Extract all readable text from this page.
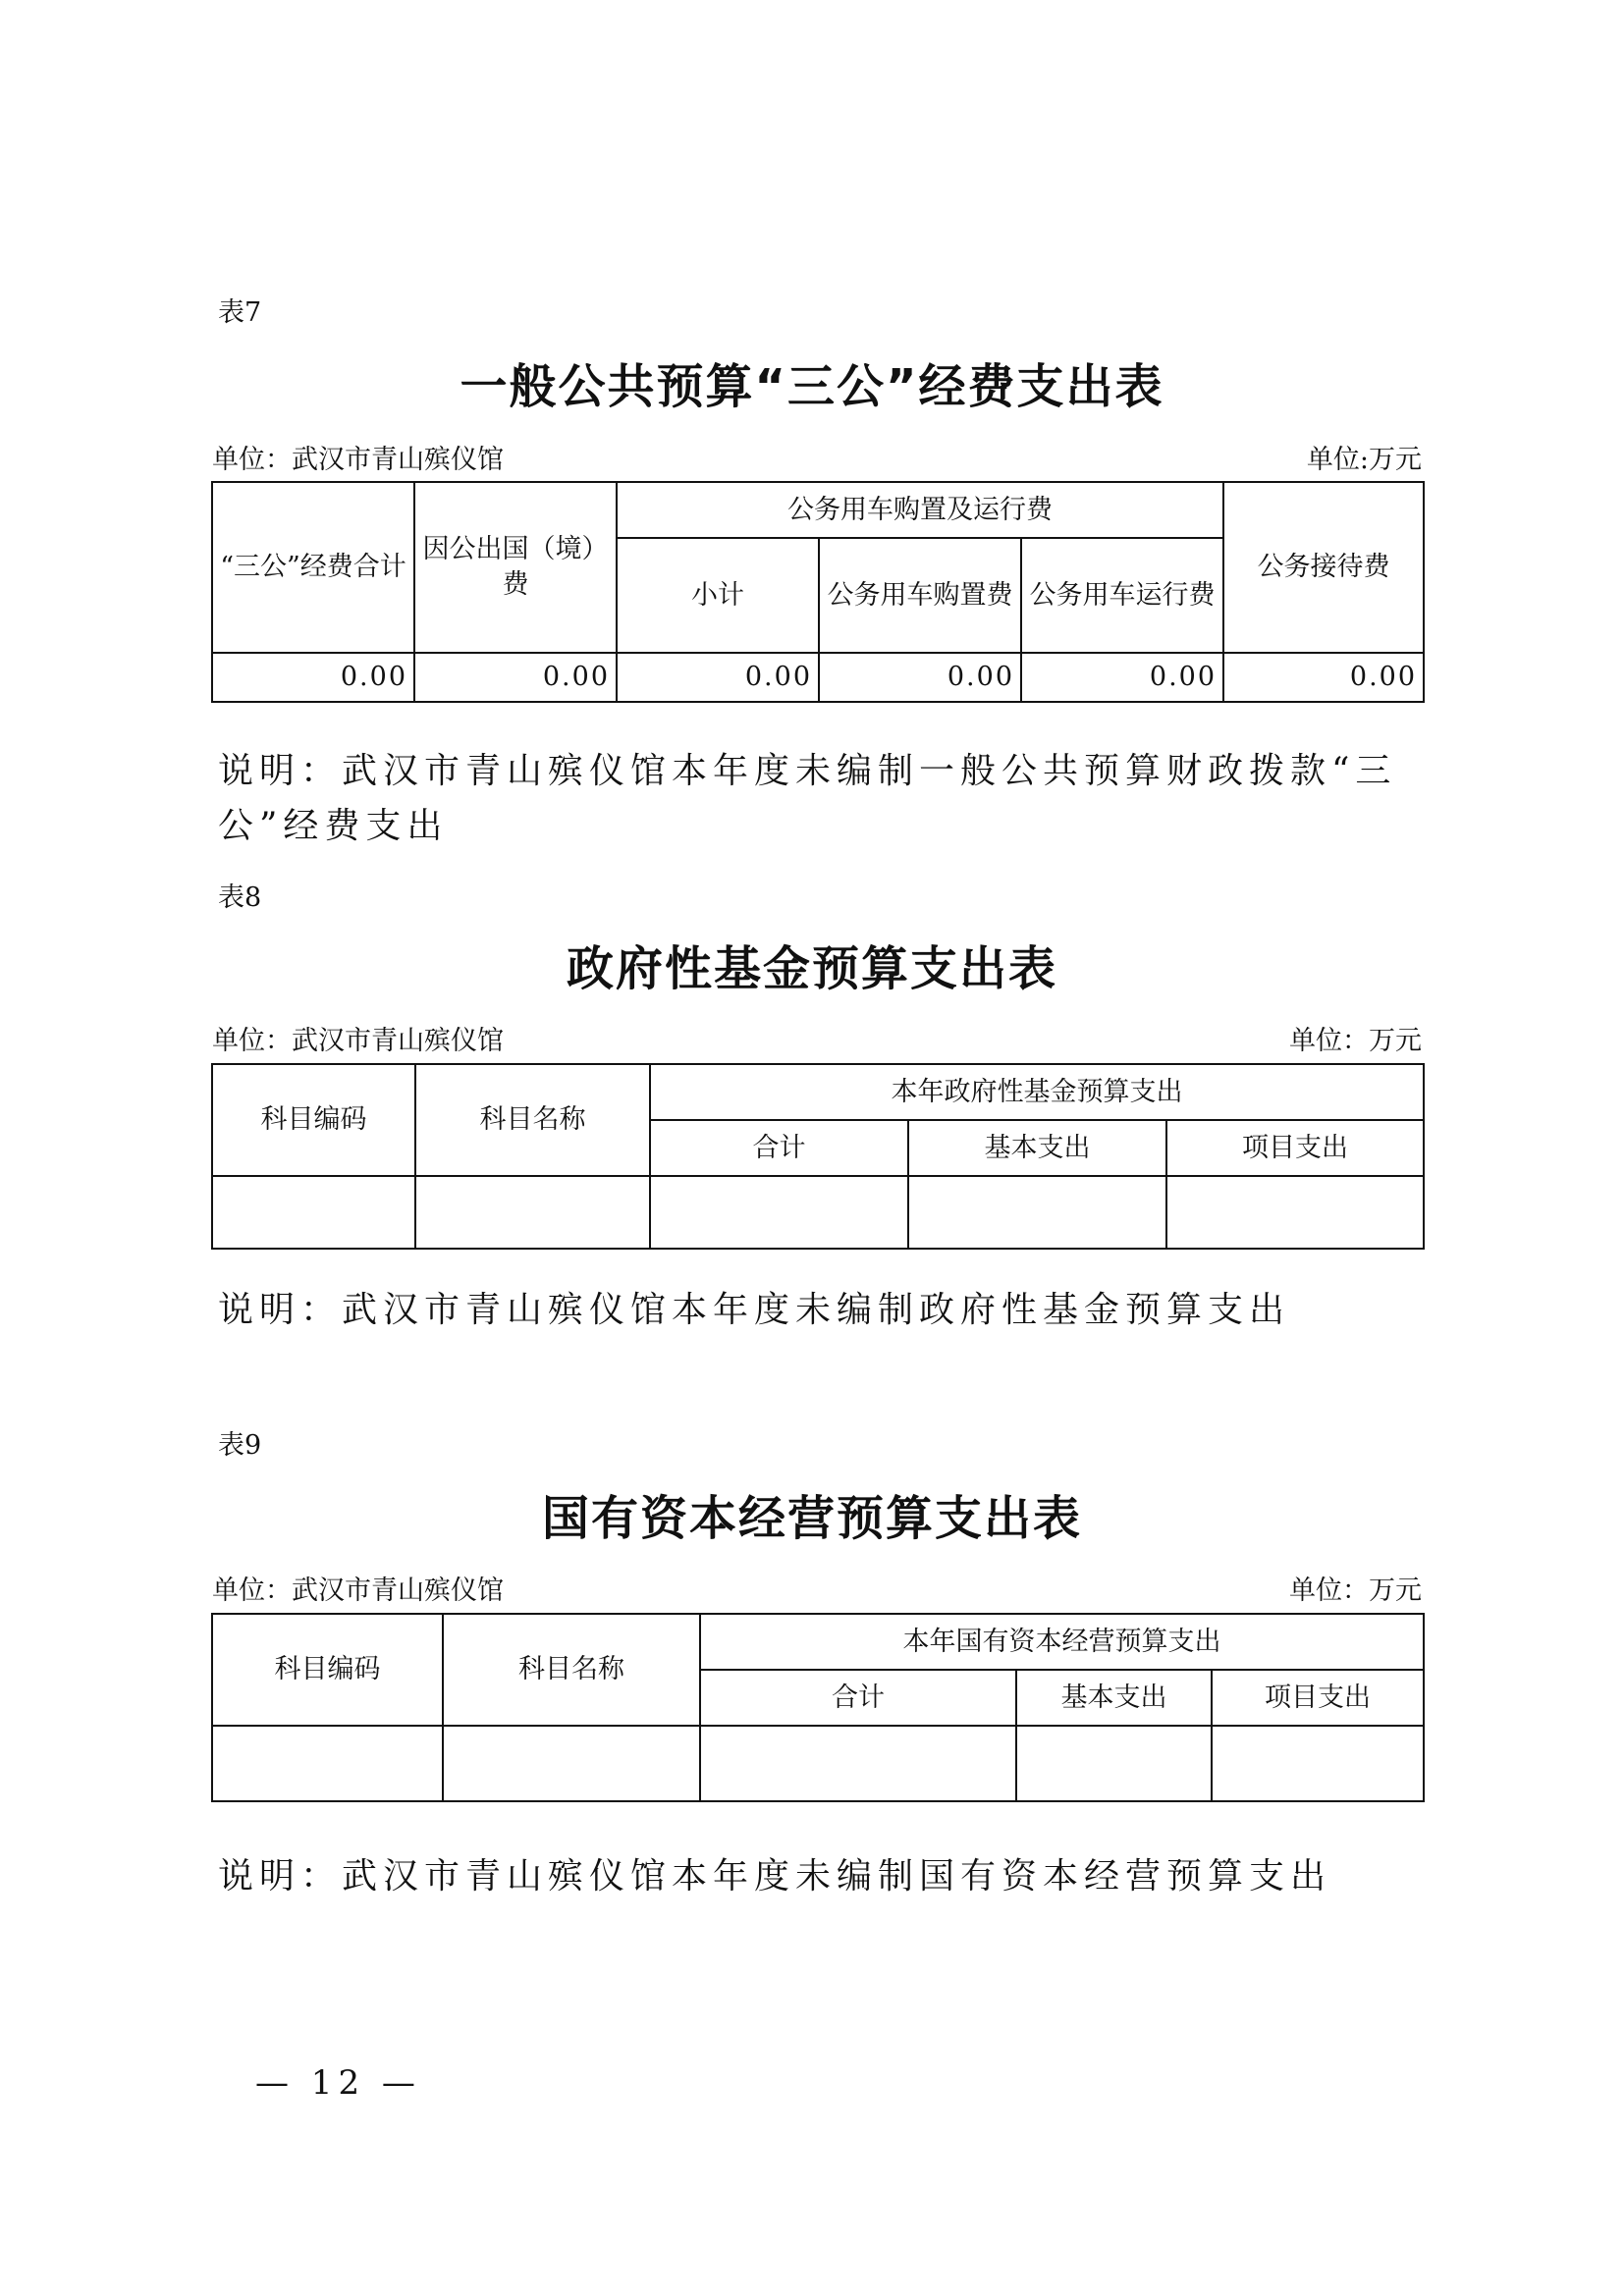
表7
一般公共预算“三公”经费支出表
单位：武汉市青山殡仪馆	单位:万元
“三公”经费合计	因公出国（境）费	公务用车购置及运行费			公务接待费
		小计	公务用车购置费	公务用车运行费	
0.00	0.00	0.00	0.00	0.00	0.00
说明：武汉市青山殡仪馆本年度未编制一般公共预算财政拨款“三公”经费支出
表8
政府性基金预算支出表
单位：武汉市青山殡仪馆	单位：万元
科目编码	科目名称	本年政府性基金预算支出		
		合计	基本支出	项目支出

说明：武汉市青山殡仪馆本年度未编制政府性基金预算支出
表9
国有资本经营预算支出表
单位：武汉市青山殡仪馆	单位：万元
科目编码	科目名称	本年国有资本经营预算支出		
		合计	基本支出	项目支出

说明：武汉市青山殡仪馆本年度未编制国有资本经营预算支出
— 12 —
